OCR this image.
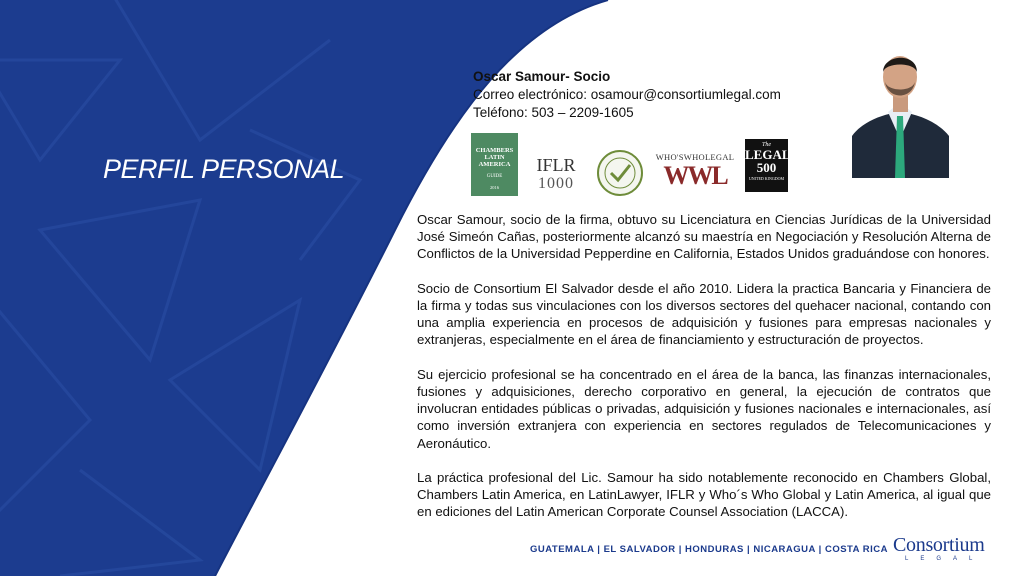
PERFIL PERSONAL
Oscar Samour- Socio
Correo electrónico: osamour@consortiumlegal.com
Teléfono: 503 – 2209-1605
CHAMBERS
LATIN
AMERICA
GUIDE
2016
IFLR
1000
WHO'SWHOLEGAL
WWL
The
LEGAL
500
UNITED KINGDOM

Oscar Samour, socio de la firma, obtuvo su Licenciatura en Ciencias Jurídicas de la Universidad José Simeón Cañas, posteriormente alcanzó su maestría en Negociación y Resolución Alterna de Conflictos de la Universidad Pepperdine en California, Estados Unidos graduándose con honores.

Socio de Consortium El Salvador desde el año 2010. Lidera la practica Bancaria y Financiera de la firma y todas sus vinculaciones con los diversos sectores del quehacer nacional, contando con una amplia experiencia en procesos de adquisición y fusiones para empresas nacionales y extranjeras, especialmente en el área de financiamiento y estructuración de proyectos.

Su ejercicio profesional se ha concentrado en el área de la banca, las finanzas internacionales, fusiones y adquisiciones, derecho corporativo en general, la ejecución de contratos que involucran entidades públicas o privadas, adquisición y fusiones nacionales e internacionales, así como inversión extranjera con experiencia en sectores regulados de Telecomunicaciones y Aeronáutico.

La práctica profesional del Lic. Samour ha sido notablemente reconocido en Chambers Global, Chambers Latin America, en LatinLawyer, IFLR y Who´s Who Global y Latin America, al igual que en ediciones del Latin American Corporate Counsel Association (LACCA).

GUATEMALA | EL SALVADOR | HONDURAS | NICARAGUA | COSTA RICA Consortium
LEGAL
